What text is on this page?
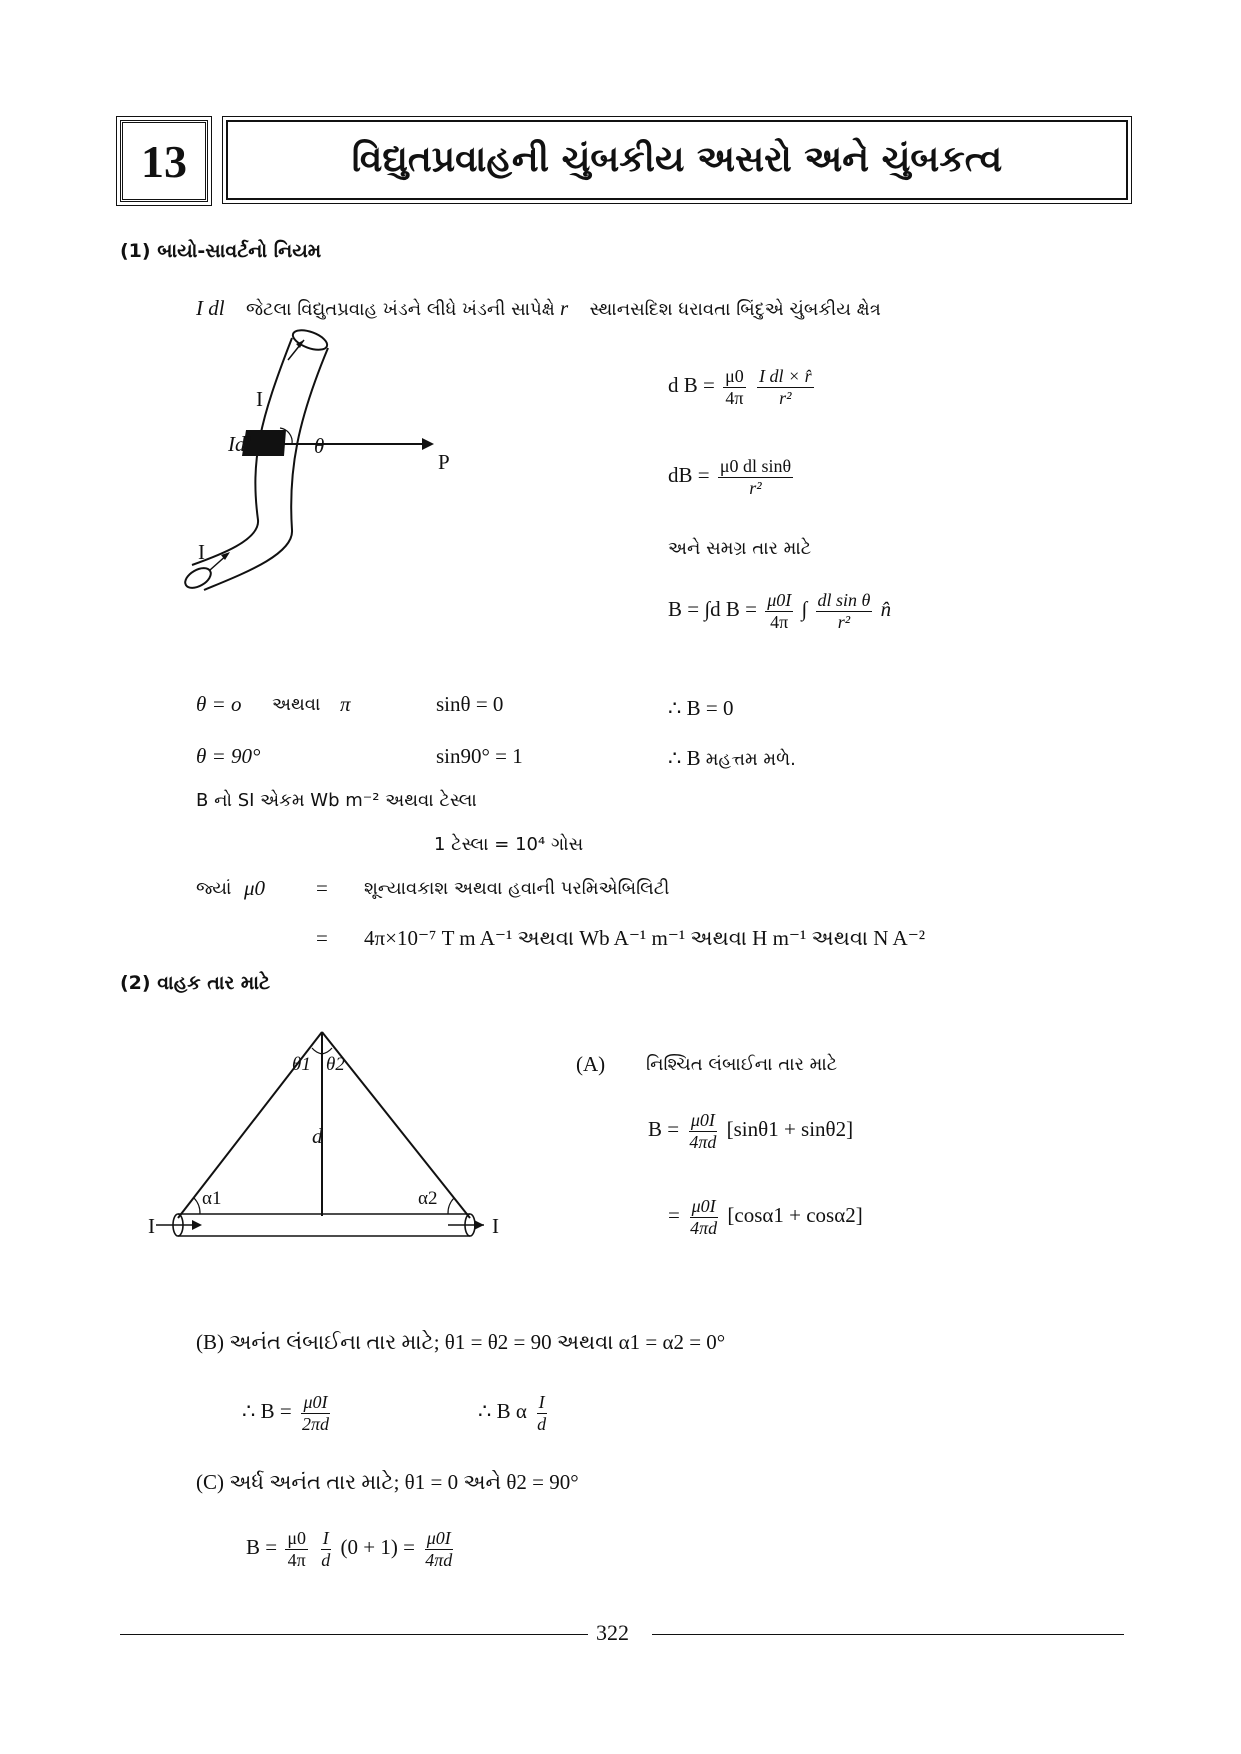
13	વિદ્યુતપ્રવાહની ચુંબકીય અસરો અને ચુંબકત્વ
(1) બાયો-સાવર્ટનો નિયમ
I dl⃗ જેટલા વિદ્યુતપ્રવાહ ખંડને લીધે ખંડની સાપેક્ષે r⃗ સ્થાનસદિશ ધરાવતા બિંદુએ ચુંબકીય ક્ષેત્ર
I
Idl	θ
P
I
d $B = \frac{\mu 0}{4\pi}$
$\frac{\text{I dl × r̂}}{\text{r²}}$
dB = $\frac{\text{μ0 dl sinθ}}{\text{r²}}$
અને સમગ્ર તાર માટે
B = ∫d $B = \frac{\mu 0I}{4\pi}$ ∫ $\frac{\text{dl sin θ}}{\text{r²}}$ n̂
θ = o અથવા π	sinθ = 0	∴ B = 0
θ = 90°	sin90° = 1	∴ B મહત્તમ મળે.
B નો SI એકમ Wb m⁻² અથવા ટેસ્લા
1 ટેસ્લા = 10⁴ ગોસ
જ્યાં μ0 = શૂન્યાવકાશ અથવા હવાની પરમિએબિલિટી
= 4π×10⁻⁷ T m A⁻¹ અથવા Wb A⁻¹ m⁻¹ અથવા H m⁻¹ અથવા N A⁻²
(2) વાહક તાર માટે
θ1 θ2
d
α1	α2
I	I
(A) નિશ્ચિત લંબાઈના તાર માટે
$B = \frac{\mu 0I}{4\pi d} [\sin\theta 1 + \sin\theta 2]$
= $\frac{\mu 0I}{4\pi d} [\cos\alpha 1 + \cos\alpha 2]$
(B) અનંત લંબાઈના તાર માટે; θ1 = θ2 = 90 અથવા α1 = α2 = 0°
∴ $B = \frac{\mu 0I}{2\pi d}$	∴ B α $\frac{I}{d}$
(C) અર્ધ અનંત તાર માટે; θ1 = 0 અને θ2 = 90°
$B = \frac{\mu 0}{4\pi}$
$\frac{I}{d} (0 + 1) = \frac{\mu 0I}{4\pi d}$
322
